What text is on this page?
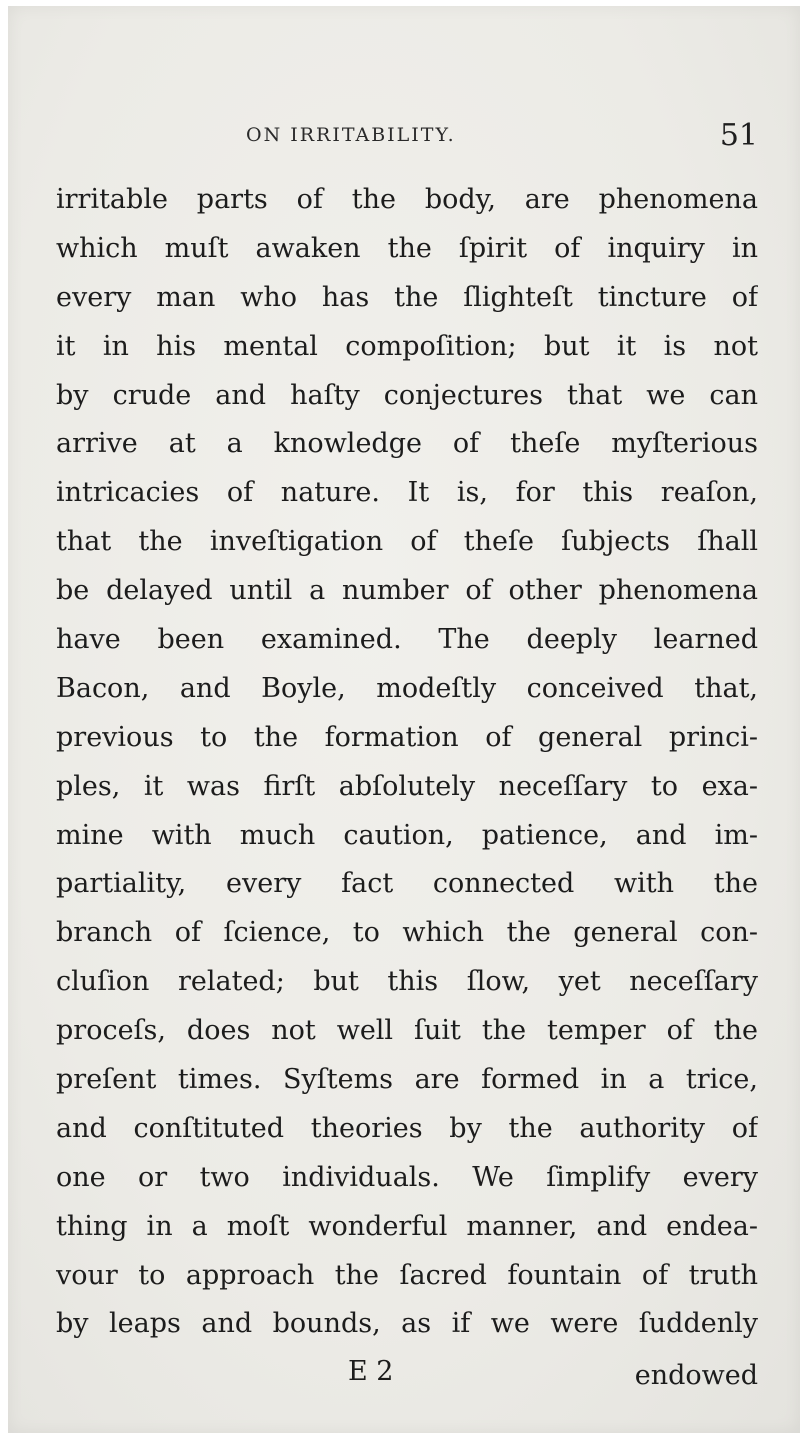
ON IRRITABILITY.	51
irritable parts of the body, are phenomena
which muſt awaken the ſpirit of inquiry in
every man who has the ſlighteſt tincture of
it in his mental compoſition; but it is not
by crude and haſty conjectures that we can
arrive at a knowledge of theſe myſterious
intricacies of nature. It is, for this reaſon,
that the inveſtigation of theſe ſubjects ſhall
be delayed until a number of other phenomena
have been examined. The deeply learned
Bacon, and Boyle, modeſtly conceived that,
previous to the formation of general princi-
ples, it was firſt abſolutely neceſſary to exa-
mine with much caution, patience, and im-
partiality, every fact connected with the
branch of ſcience, to which the general con-
cluſion related; but this ſlow, yet neceſſary
proceſs, does not well ſuit the temper of the
preſent times. Syſtems are formed in a trice,
and conſtituted theories by the authority of
one or two individuals. We ſimplify every
thing in a moſt wonderful manner, and endea-
vour to approach the ſacred fountain of truth
by leaps and bounds, as if we were ſuddenly
E 2	endowed
